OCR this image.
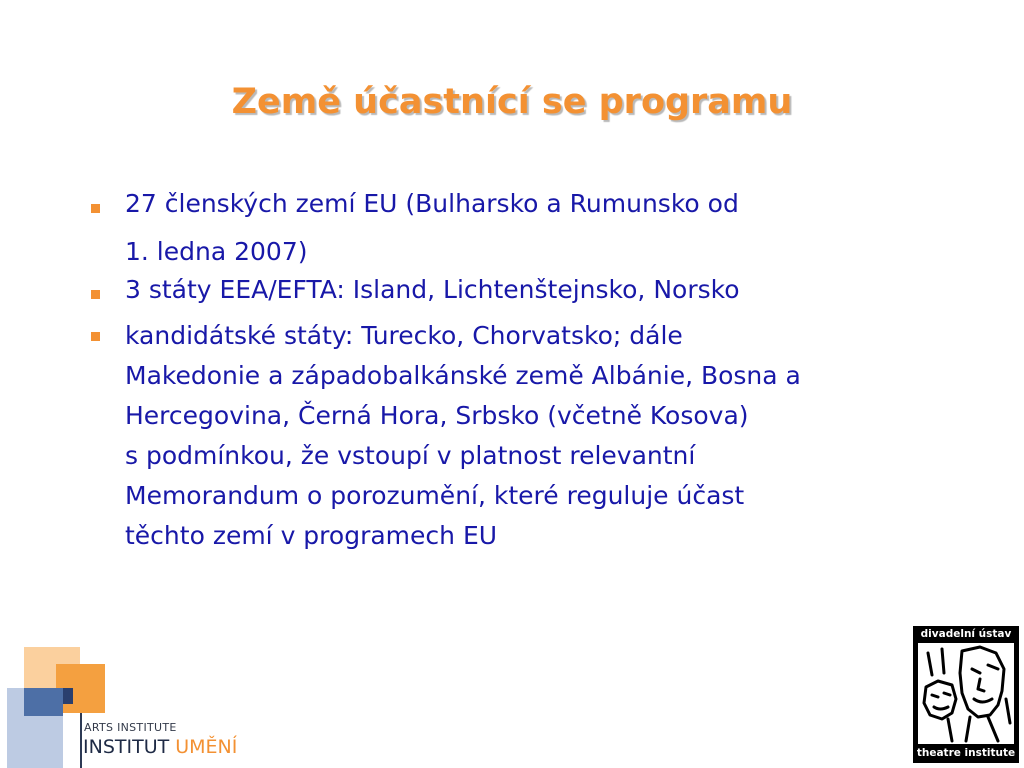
Země účastnící se programu
27 členských zemí EU (Bulharsko a Rumunsko od
1. ledna 2007)
3 státy EEA/EFTA: Island, Lichtenštejnsko, Norsko
kandidátské státy: Turecko, Chorvatsko; dále
Makedonie a západobalkánské země Albánie, Bosna a
Hercegovina, Černá Hora, Srbsko (včetně Kosova)
s podmínkou, že vstoupí v platnost relevantní
Memorandum o porozumění, které reguluje účast
těchto zemí v programech EU
ARTS INSTITUTE
INSTITUT UMĚNÍ
divadelní ústav
theatre institute
